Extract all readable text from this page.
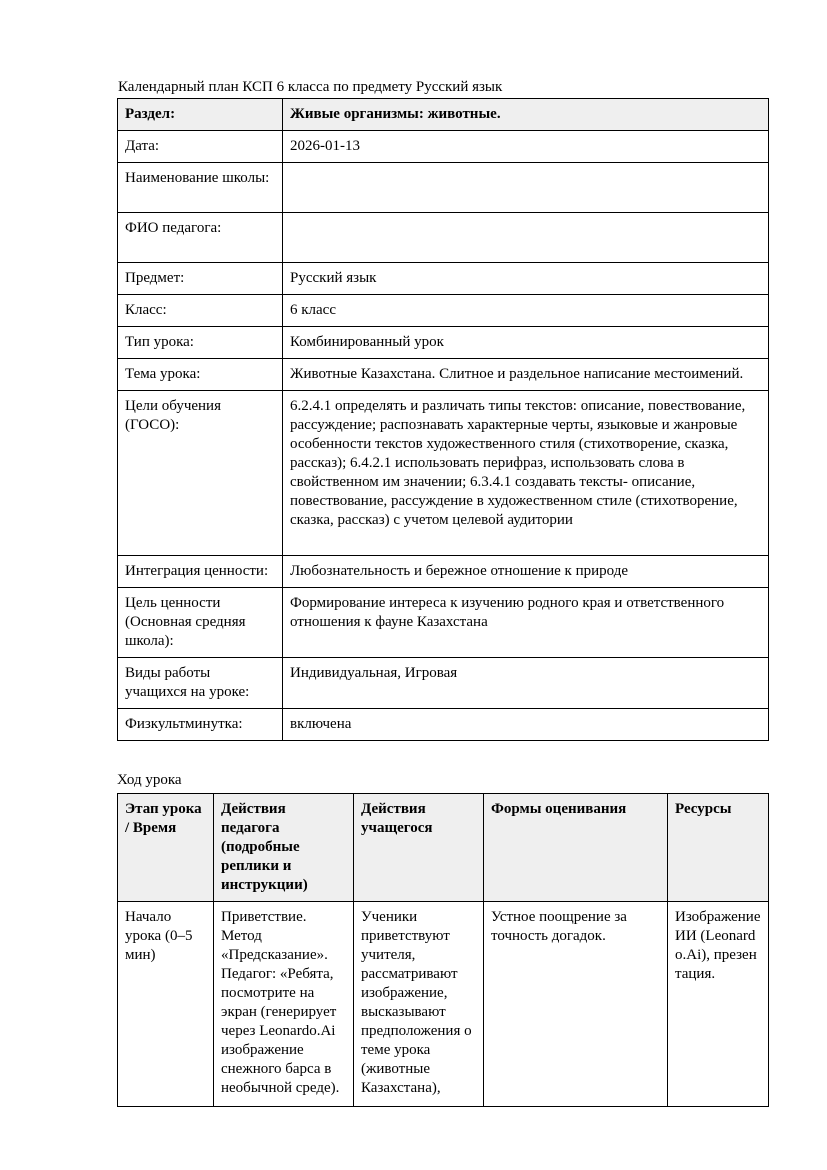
Календарный план КСП 6 класса по предмету Русский язык

Раздел:	Живые организмы: животные.
Дата:	2026-01-13
Наименование школы:	
ФИО педагога:	
Предмет:	Русский язык
Класс:	6 класс
Тип урока:	Комбинированный урок
Тема урока:	Животные Казахстана. Слитное и раздельное написание местоимений.
Цели обучения (ГОСО):	6.2.4.1 определять и различать типы текстов: описание, повествование, рассуждение; распознавать характерные черты, языковые и жанровые особенности текстов художественного стиля (стихотворение, сказка, рассказ); 6.4.2.1 использовать перифраз, использовать слова в свойственном им значении; 6.3.4.1 создавать тексты- описание, повествование, рассуждение в художественном стиле (стихотворение, сказка, рассказ) с учетом целевой аудитории
Интеграция ценности:	Любознательность и бережное отношение к природе
Цель ценности (Основная средняя школа):	Формирование интереса к изучению родного края и ответственного отношения к фауне Казахстана
Виды работы учащихся на уроке:	Индивидуальная, Игровая
Физкультминутка:	включена

Ход урока

Этап урока / Время	Действия педагога (подробные реплики и инструкции)	Действия учащегося	Формы оценивания	Ресурсы
Начало урока (0–5 мин)	Приветствие. Метод «Предсказание». Педагог: «Ребята, посмотрите на экран (генерирует через Leonardo.Ai изображение снежного барса в необычной среде).	Ученики приветствуют учителя, рассматривают изображение, высказывают предположения о теме урока (животные Казахстана),	Устное поощрение за точность догадок.	Изображение ИИ (Leonardo.Ai), презентация.
